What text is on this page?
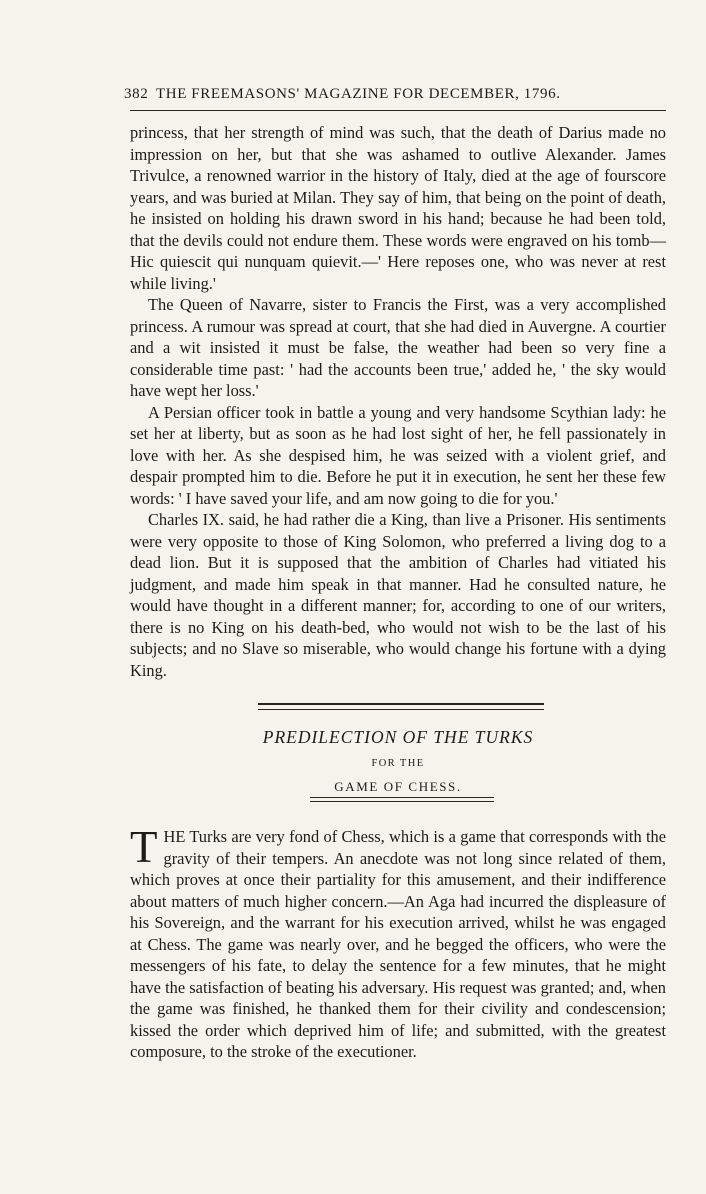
382 THE FREEMASONS' MAGAZINE FOR DECEMBER, 1796.

princess, that her strength of mind was such, that the death of Darius made no impression on her, but that she was ashamed to outlive Alexander. James Trivulce, a renowned warrior in the history of Italy, died at the age of fourscore years, and was buried at Milan. They say of him, that being on the point of death, he insisted on holding his drawn sword in his hand; because he had been told, that the devils could not endure them. These words were engraved on his tomb—Hic quiescit qui nunquam quievit.—' Here reposes one, who was never at rest while living.'

The Queen of Navarre, sister to Francis the First, was a very accomplished princess. A rumour was spread at court, that she had died in Auvergne. A courtier and a wit insisted it must be false, the weather had been so very fine a considerable time past: ' had the accounts been true,' added he, ' the sky would have wept her loss.'

A Persian officer took in battle a young and very handsome Scythian lady: he set her at liberty, but as soon as he had lost sight of her, he fell passionately in love with her. As she despised him, he was seized with a violent grief, and despair prompted him to die. Before he put it in execution, he sent her these few words: ' I have saved your life, and am now going to die for you.'

Charles IX. said, he had rather die a King, than live a Prisoner. His sentiments were very opposite to those of King Solomon, who preferred a living dog to a dead lion. But it is supposed that the ambition of Charles had vitiated his judgment, and made him speak in that manner. Had he consulted nature, he would have thought in a different manner; for, according to one of our writers, there is no King on his death-bed, who would not wish to be the last of his subjects; and no Slave so miserable, who would change his fortune with a dying King.

PREDILECTION OF THE TURKS
FOR THE
GAME OF CHESS.

THE Turks are very fond of Chess, which is a game that corresponds with the gravity of their tempers. An anecdote was not long since related of them, which proves at once their partiality for this amusement, and their indifference about matters of much higher concern.—An Aga had incurred the displeasure of his Sovereign, and the warrant for his execution arrived, whilst he was engaged at Chess. The game was nearly over, and he begged the officers, who were the messengers of his fate, to delay the sentence for a few minutes, that he might have the satisfaction of beating his adversary. His request was granted; and, when the game was finished, he thanked them for their civility and condescension; kissed the order which deprived him of life; and submitted, with the greatest composure, to the stroke of the executioner.
